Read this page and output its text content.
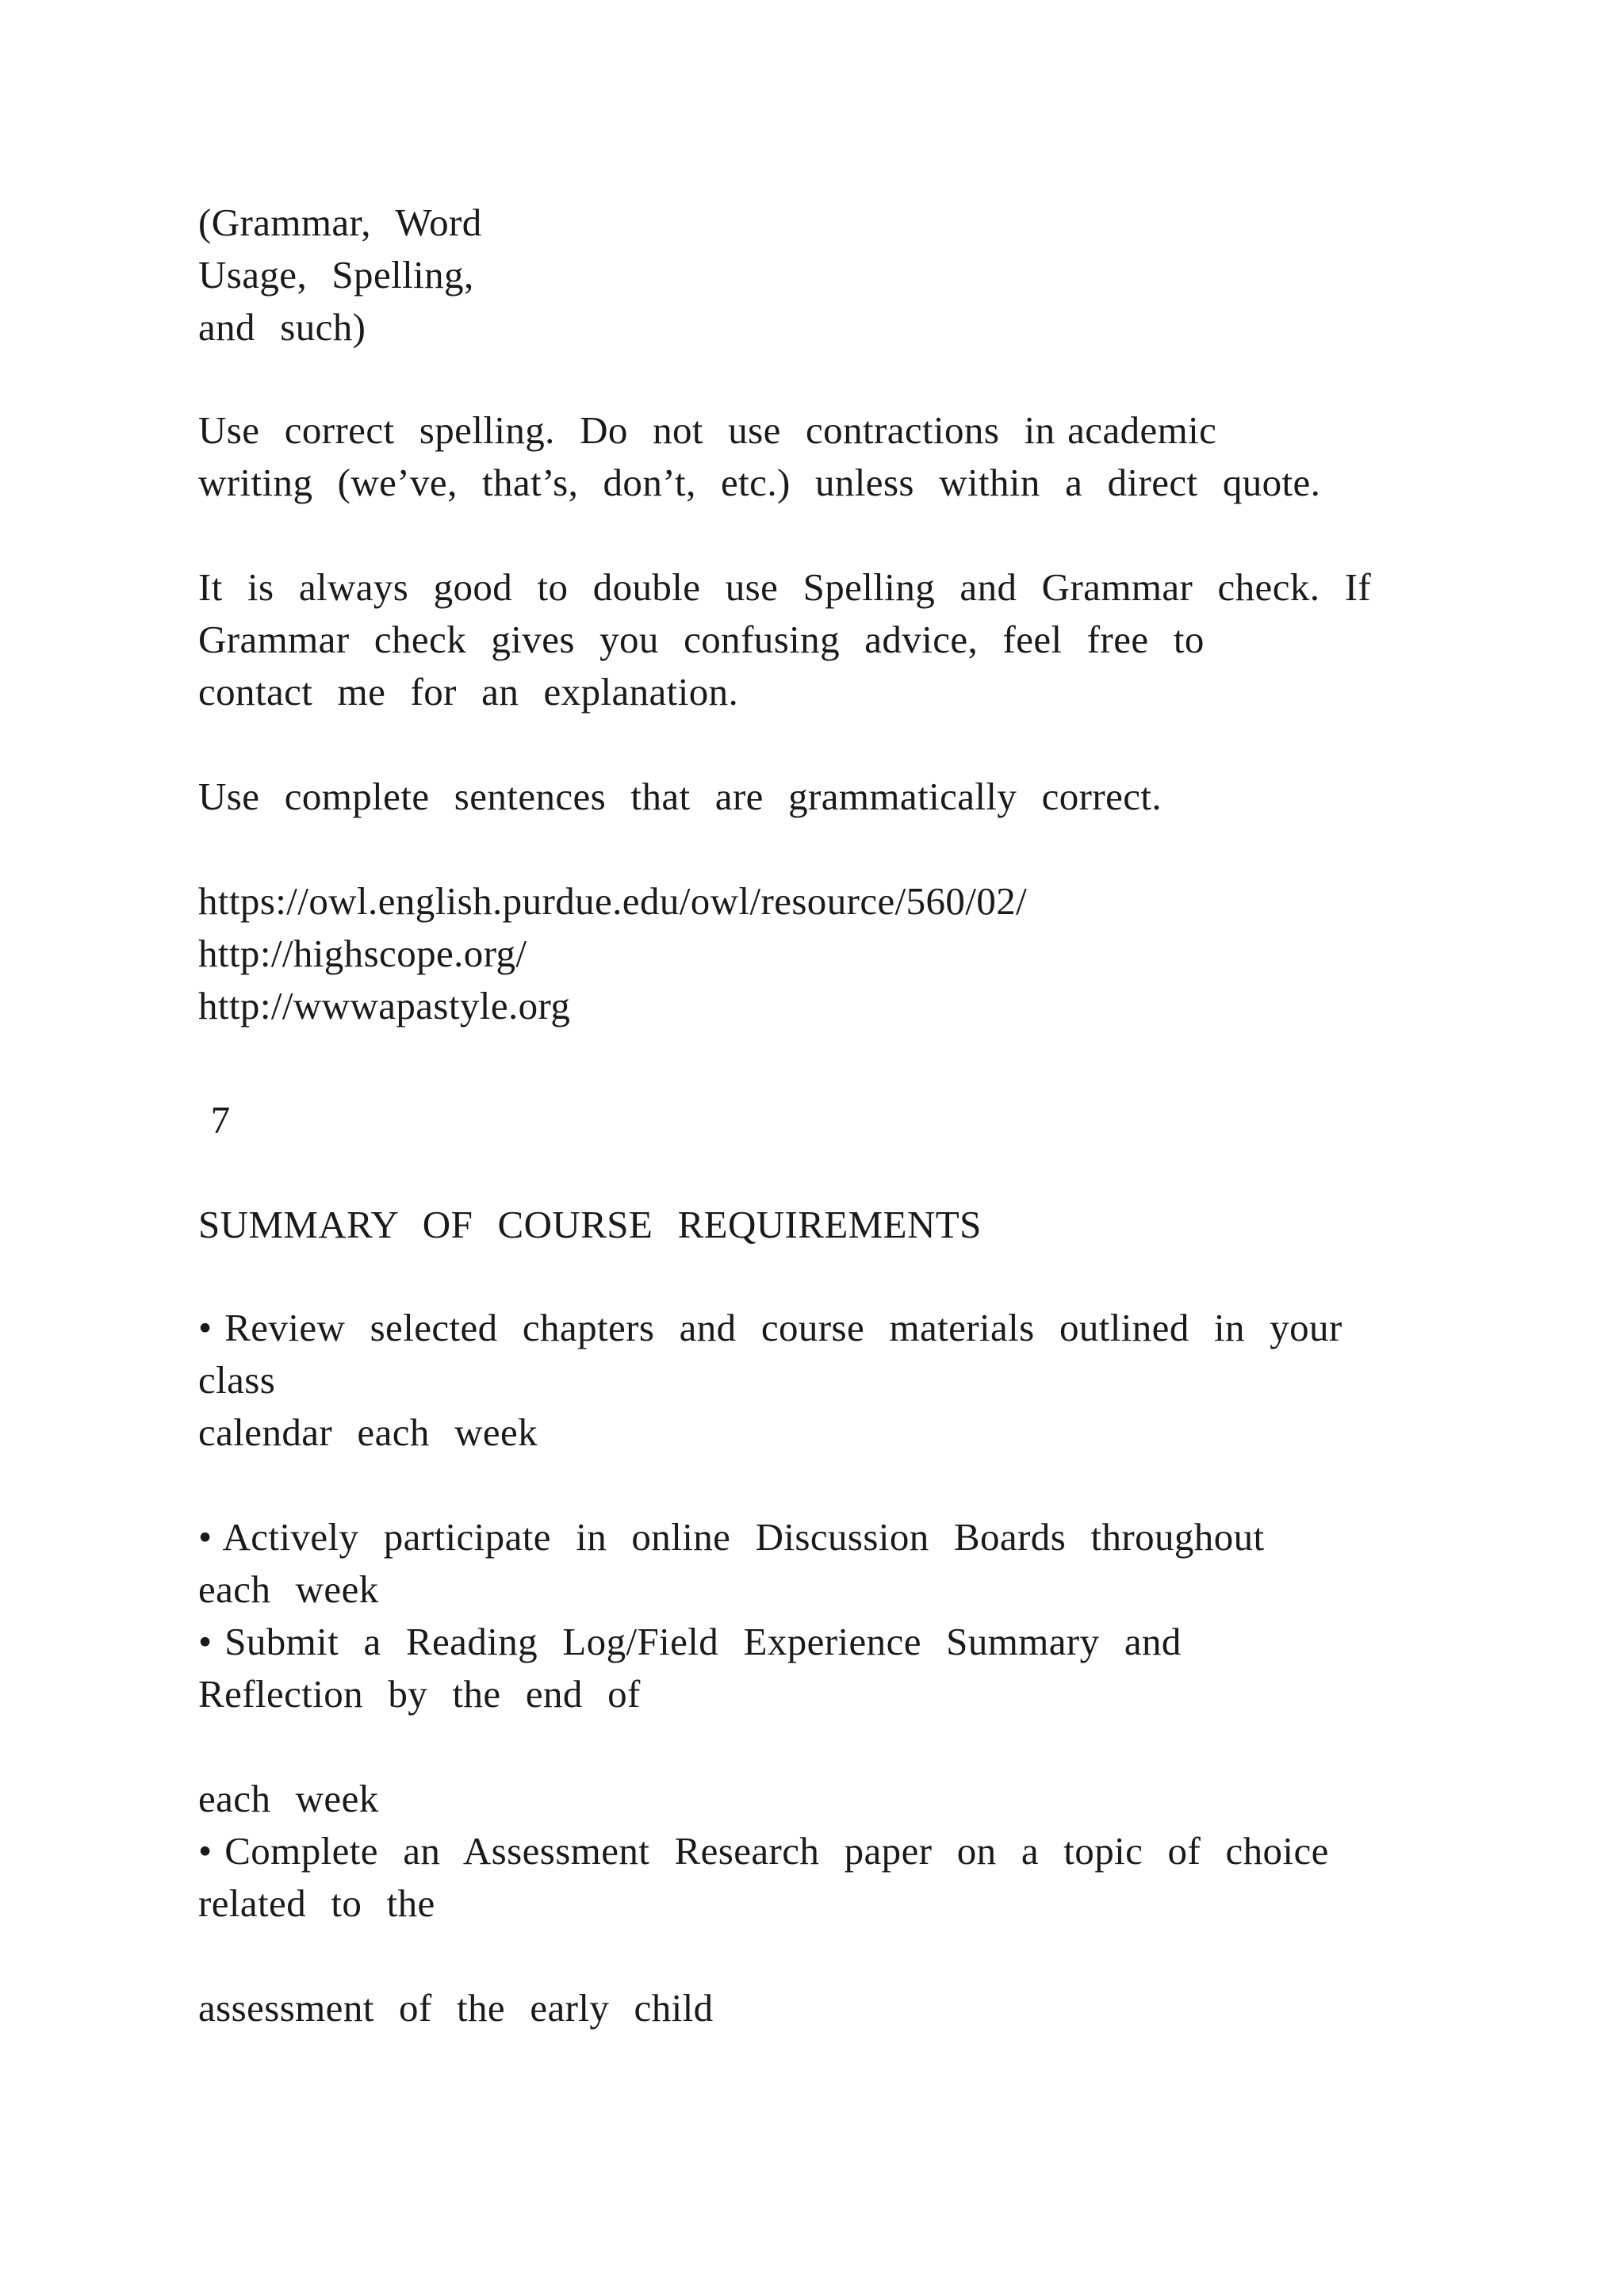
(Grammar,  Word

Usage,  Spelling,

and  such)

Use  correct  spelling.  Do  not  use  contractions  in academic

writing  (we’ve,  that’s,  don’t,  etc.)  unless  within  a  direct  quote.

It  is  always  good  to  double  use  Spelling  and  Grammar  check.  If

Grammar  check  gives  you  confusing  advice,  feel  free  to

contact  me  for  an  explanation.

Use  complete  sentences  that  are  grammatically  correct.

https://owl.english.purdue.edu/owl/resource/560/02/

http://highscope.org/

http://wwwapastyle.org

7

SUMMARY  OF  COURSE  REQUIREMENTS

• Review  selected  chapters  and  course  materials  outlined  in  your

class

calendar  each  week

• Actively  participate  in  online  Discussion  Boards  throughout

each  week

• Submit  a  Reading  Log/Field  Experience  Summary  and

Reflection  by  the  end  of

each  week

• Complete  an  Assessment  Research  paper  on  a  topic  of  choice

related  to  the

assessment  of  the  early  child
